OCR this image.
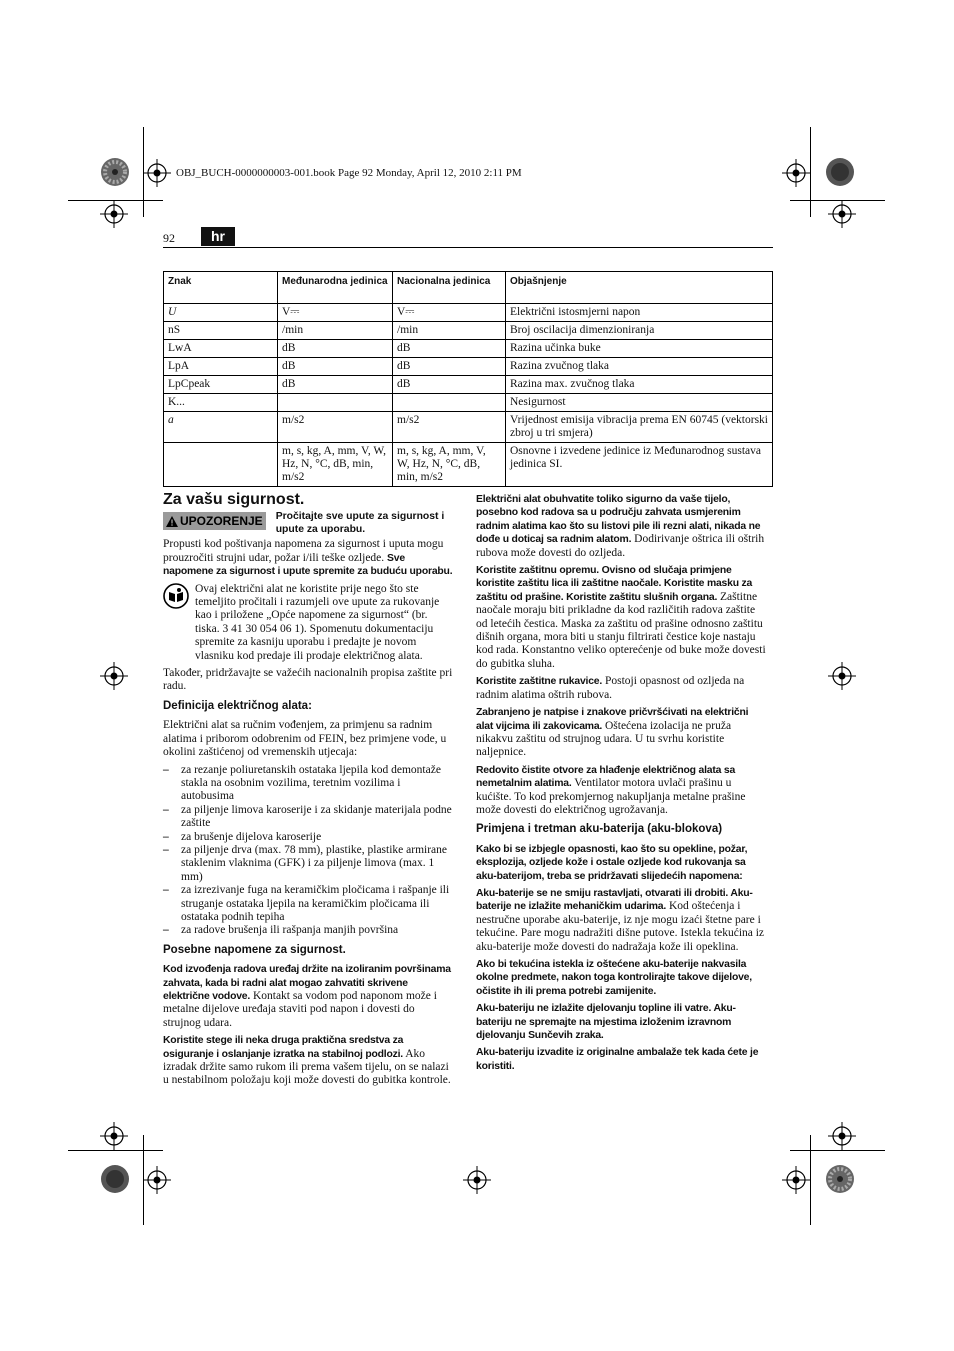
OBJ_BUCH-0000000003-001.book Page 92 Monday, April 12, 2010 2:11 PM
92	hr
Znak	Međunarodna jedinica	Nacionalna jedinica	Objašnjenje
U	V⎓	V⎓	Električni istosmjerni napon
nS	/min	/min	Broj oscilacija dimenzioniranja
LwA	dB	dB	Razina učinka buke
LpA	dB	dB	Razina zvučnog tlaka
LpCpeak	dB	dB	Razina max. zvučnog tlaka
K...			Nesigurnost
a	m/s2	m/s2	Vrijednost emisija vibracija prema EN 60745 (vektorski zbroj u tri smjera)
	m, s, kg, A, mm, V, W, Hz, N, °C, dB, min, m/s2	m, s, kg, A, mm, V, W, Hz, N, °C, dB, min, m/s2	Osnovne i izvedene jedinice iz Međunarodnog sustava jedinica SI.
Za vašu sigurnost.
UPOZORENJE Pročitajte sve upute za sigurnost i upute za uporabu.

Propusti kod poštivanja napomena za sigurnost i uputa mogu prouzročiti strujni udar, požar i/ili teške ozljede. Sve napomene za sigurnost i upute spremite za buduću uporabu.

Ovaj električni alat ne koristite prije nego što ste temeljito pročitali i razumjeli ove upute za rukovanje kao i priložene „Opće napomene za sigurnost“ (br. tiska. 3 41 30 054 06 1). Spomenutu dokumentaciju spremite za kasniju uporabu i predajte je novom vlasniku kod predaje ili prodaje električnog alata.

Također, pridržavajte se važećih nacionalnih propisa zaštite pri radu.

Definicija električnog alata:

Električni alat sa ručnim vođenjem, za primjenu sa radnim alatima i priborom odobrenim od FEIN, bez primjene vode, u okolini zaštićenoj od vremenskih utjecaja:

– za rezanje poliuretanskih ostataka ljepila kod demontaže stakla na osobnim vozilima, teretnim vozilima i autobusima
– za piljenje limova karoserije i za skidanje materijala podne zaštite
– za brušenje dijelova karoserije
– za piljenje drva (max. 78 mm), plastike, plastike armirane staklenim vlaknima (GFK) i za piljenje limova (max. 1 mm)
– za izrezivanje fuga na keramičkim pločicama i rašpanje ili struganje ostataka ljepila na keramičkim pločicama ili ostataka podnih tepiha
– za radove brušenja ili rašpanja manjih površina
Posebne napomene za sigurnost.

Kod izvođenja radova uređaj držite na izoliranim površinama zahvata, kada bi radni alat mogao zahvatiti skrivene električne vodove. Kontakt sa vodom pod naponom može i metalne dijelove uređaja staviti pod napon i dovesti do strujnog udara.

Koristite stege ili neka druga praktična sredstva za osiguranje i oslanjanje izratka na stabilnoj podlozi. Ako izradak držite samo rukom ili prema vašem tijelu, on se nalazi u nestabilnom položaju koji može dovesti do gubitka kontrole.

Električni alat obuhvatite toliko sigurno da vaše tijelo, posebno kod radova sa u području zahvata usmjerenim radnim alatima kao što su listovi pile ili rezni alati, nikada ne dođe u doticaj sa radnim alatom. Dodirivanje oštrica ili oštrih rubova može dovesti do ozljeda.

Koristite zaštitnu opremu. Ovisno od slučaja primjene koristite zaštitu lica ili zaštitne naočale. Koristite masku za zaštitu od prašine. Koristite zaštitu slušnih organa. Zaštitne naočale moraju biti prikladne da kod različitih radova zaštite od letećih čestica. Maska za zaštitu od prašine odnosno zaštitu dišnih organa, mora biti u stanju filtrirati čestice koje nastaju kod rada. Konstantno veliko opterećenje od buke može dovesti do gubitka sluha.

Koristite zaštitne rukavice. Postoji opasnost od ozljeda na radnim alatima oštrih rubova.

Zabranjeno je natpise i znakove pričvršćivati na električni alat vijcima ili zakovicama. Oštećena izolacija ne pruža nikakvu zaštitu od strujnog udara. U tu svrhu koristite naljepnice.

Redovito čistite otvore za hlađenje električnog alata sa nemetalnim alatima. Ventilator motora uvlači prašinu u kućište. To kod prekomjernog nakupljanja metalne prašine može dovesti do električnog ugrožavanja.

Primjena i tretman aku-baterija (aku-blokova)

Kako bi se izbjegle opasnosti, kao što su opekline, požar, eksplozija, ozljede kože i ostale ozljede kod rukovanja sa aku-baterijom, treba se pridržavati slijedećih napomena:

Aku-baterije se ne smiju rastavljati, otvarati ili drobiti. Aku-baterije ne izlažite mehaničkim udarima. Kod oštećenja i nestručne uporabe aku-baterije, iz nje mogu izaći štetne pare i tekućine. Pare mogu nadražiti dišne putove. Istekla tekućina iz aku-baterije može dovesti do nadražaja kože ili opeklina.

Ako bi tekućina istekla iz oštećene aku-baterije nakvasila okolne predmete, nakon toga kontrolirajte takove dijelove, očistite ih ili prema potrebi zamijenite.

Aku-bateriju ne izlažite djelovanju topline ili vatre. Aku-bateriju ne spremajte na mjestima izloženim izravnom djelovanju Sunčevih zraka.

Aku-bateriju izvadite iz originalne ambalaže tek kada ćete je koristiti.
